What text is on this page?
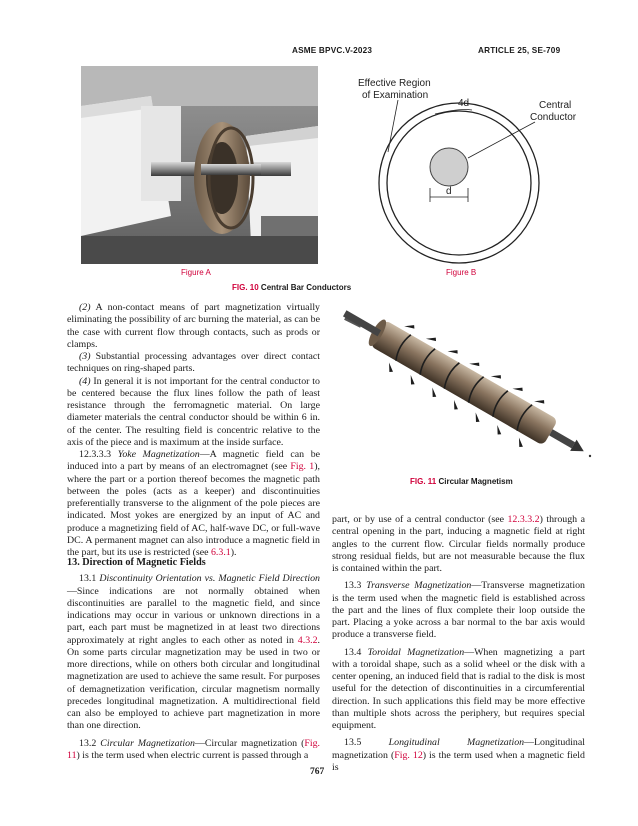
ASME BPVC.V-2023	ARTICLE 25, SE-709
Effective Region
of Examination
4d	Central
Conductor
d
Figure A	Figure B
FIG. 10 Central Bar Conductors
FIG. 11 Circular Magnetism

(2) A non-contact means of part magnetization virtually eliminating the possibility of arc burning the material, as can be the case with current flow through contacts, such as prods or clamps.

(3) Substantial processing advantages over direct contact techniques on ring-shaped parts.

(4) In general it is not important for the central conductor to be centered because the flux lines follow the path of least resistance through the ferromagnetic material. On large diameter materials the central conductor should be within 6 in. of the center. The resulting field is concentric relative to the axis of the piece and is maximum at the inside surface.

12.3.3.3 Yoke Magnetization—A magnetic field can be induced into a part by means of an electromagnet (see Fig. 1), where the part or a portion thereof becomes the magnetic path between the poles (acts as a keeper) and discontinuities preferentially transverse to the alignment of the pole pieces are indicated. Most yokes are energized by an input of AC and produce a magnetizing field of AC, half-wave DC, or full-wave DC. A permanent magnet can also introduce a magnetic field in the part, but its use is restricted (see 6.3.1).

13. Direction of Magnetic Fields

13.1 Discontinuity Orientation vs. Magnetic Field Direction—Since indications are not normally obtained when discontinuities are parallel to the magnetic field, and since indications may occur in various or unknown directions in a part, each part must be magnetized in at least two directions approximately at right angles to each other as noted in 4.3.2. On some parts circular magnetization may be used in two or more directions, while on others both circular and longitudinal magnetization are used to achieve the same result. For purposes of demagnetization verification, circular magnetism normally precedes longitudinal magnetization. A multidirectional field can also be employed to achieve part magnetization in more than one direction.

13.2 Circular Magnetization—Circular magnetization (Fig. 11) is the term used when electric current is passed through a

part, or by use of a central conductor (see 12.3.3.2) through a central opening in the part, inducing a magnetic field at right angles to the current flow. Circular fields normally produce strong residual fields, but are not measurable because the flux is contained within the part.

13.3 Transverse Magnetization—Transverse magnetization is the term used when the magnetic field is established across the part and the lines of flux complete their loop outside the part. Placing a yoke across a bar normal to the bar axis would produce a transverse field.

13.4 Toroidal Magnetization—When magnetizing a part with a toroidal shape, such as a solid wheel or the disk with a center opening, an induced field that is radial to the disk is most useful for the detection of discontinuities in a circumferential direction. In such applications this field may be more effective than multiple shots across the periphery, but requires special equipment.

13.5	Longitudinal Magnetization—Longitudinal magnetization (Fig. 12) is the term used when a magnetic field is

767
